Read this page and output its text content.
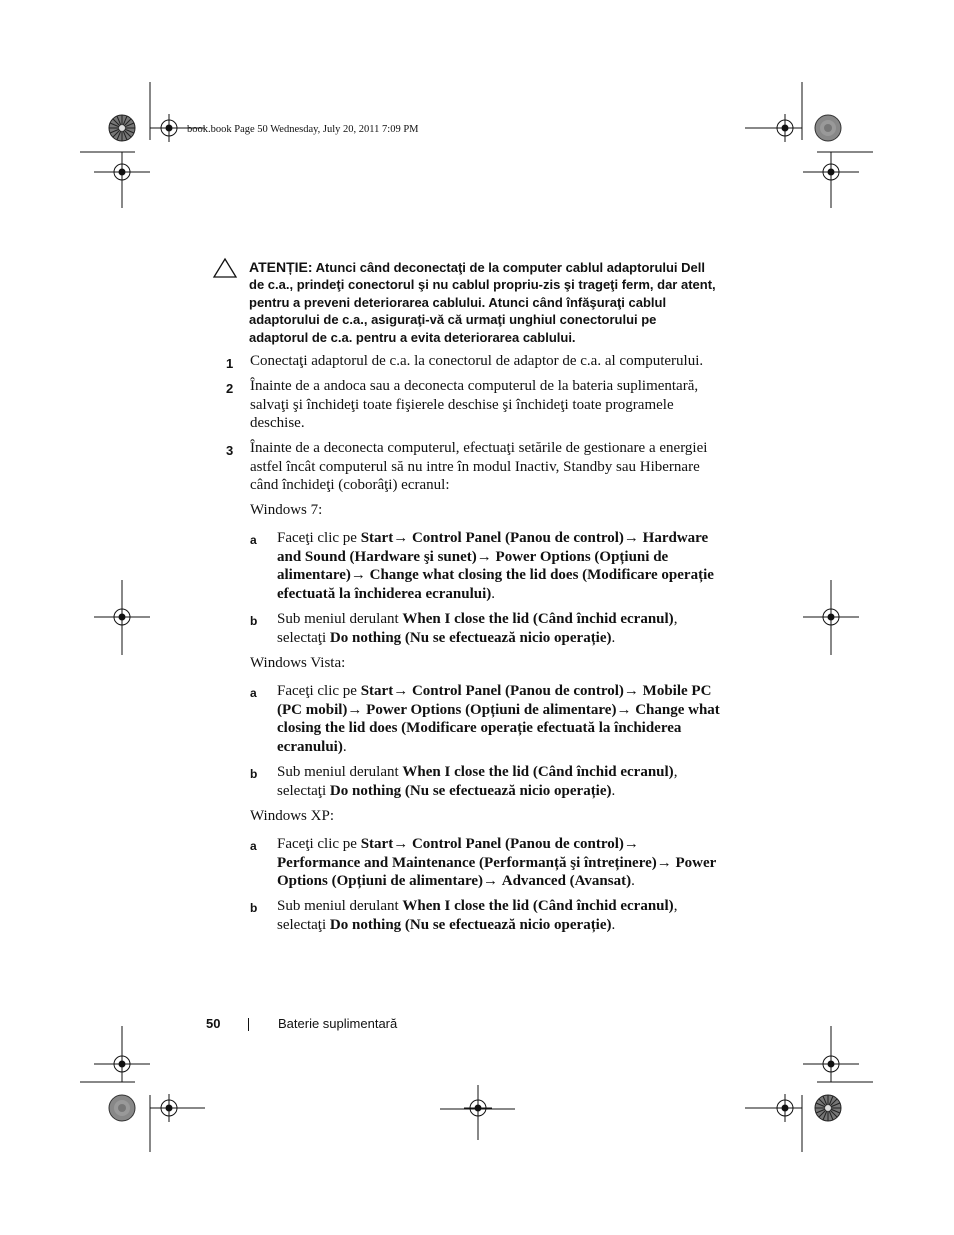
book.book Page 50 Wednesday, July 20, 2011 7:09 PM
ATENȚIE: Atunci când deconectaţi de la computer cablul adaptorului Dell de c.a., prindeţi conectorul şi nu cablul propriu-zis şi trageţi ferm, dar atent, pentru a preveni deteriorarea cablului. Atunci când înfăşuraţi cablul adaptorului de c.a., asiguraţi-vă că urmaţi unghiul conectorului pe adaptorul de c.a. pentru a evita deteriorarea cablului.
1 Conectaţi adaptorul de c.a. la conectorul de adaptor de c.a. al computerului.
2 Înainte de a andoca sau a deconecta computerul de la bateria suplimentară, salvaţi şi închideţi toate fişierele deschise şi închideţi toate programele deschise.
3 Înainte de a deconecta computerul, efectuaţi setările de gestionare a energiei astfel încât computerul să nu intre în modul Inactiv, Standby sau Hibernare când închideţi (coborâţi) ecranul:
Windows 7:
a Faceţi clic pe Start→ Control Panel (Panou de control)→ Hardware and Sound (Hardware şi sunet)→ Power Options (Opțiuni de alimentare)→ Change what closing the lid does (Modificare operație efectuată la închiderea ecranului).
b Sub meniul derulant When I close the lid (Când închid ecranul), selectaţi Do nothing (Nu se efectuează nicio operație).
Windows Vista:
a Faceţi clic pe Start→ Control Panel (Panou de control)→ Mobile PC (PC mobil)→ Power Options (Opțiuni de alimentare)→ Change what closing the lid does (Modificare operație efectuată la închiderea ecranului).
b Sub meniul derulant When I close the lid (Când închid ecranul), selectaţi Do nothing (Nu se efectuează nicio operație).
Windows XP:
a Faceţi clic pe Start→ Control Panel (Panou de control)→ Performance and Maintenance (Performanță şi întreținere)→ Power Options (Opțiuni de alimentare)→ Advanced (Avansat).
b Sub meniul derulant When I close the lid (Când închid ecranul), selectaţi Do nothing (Nu se efectuează nicio operație).
50	Baterie suplimentară
